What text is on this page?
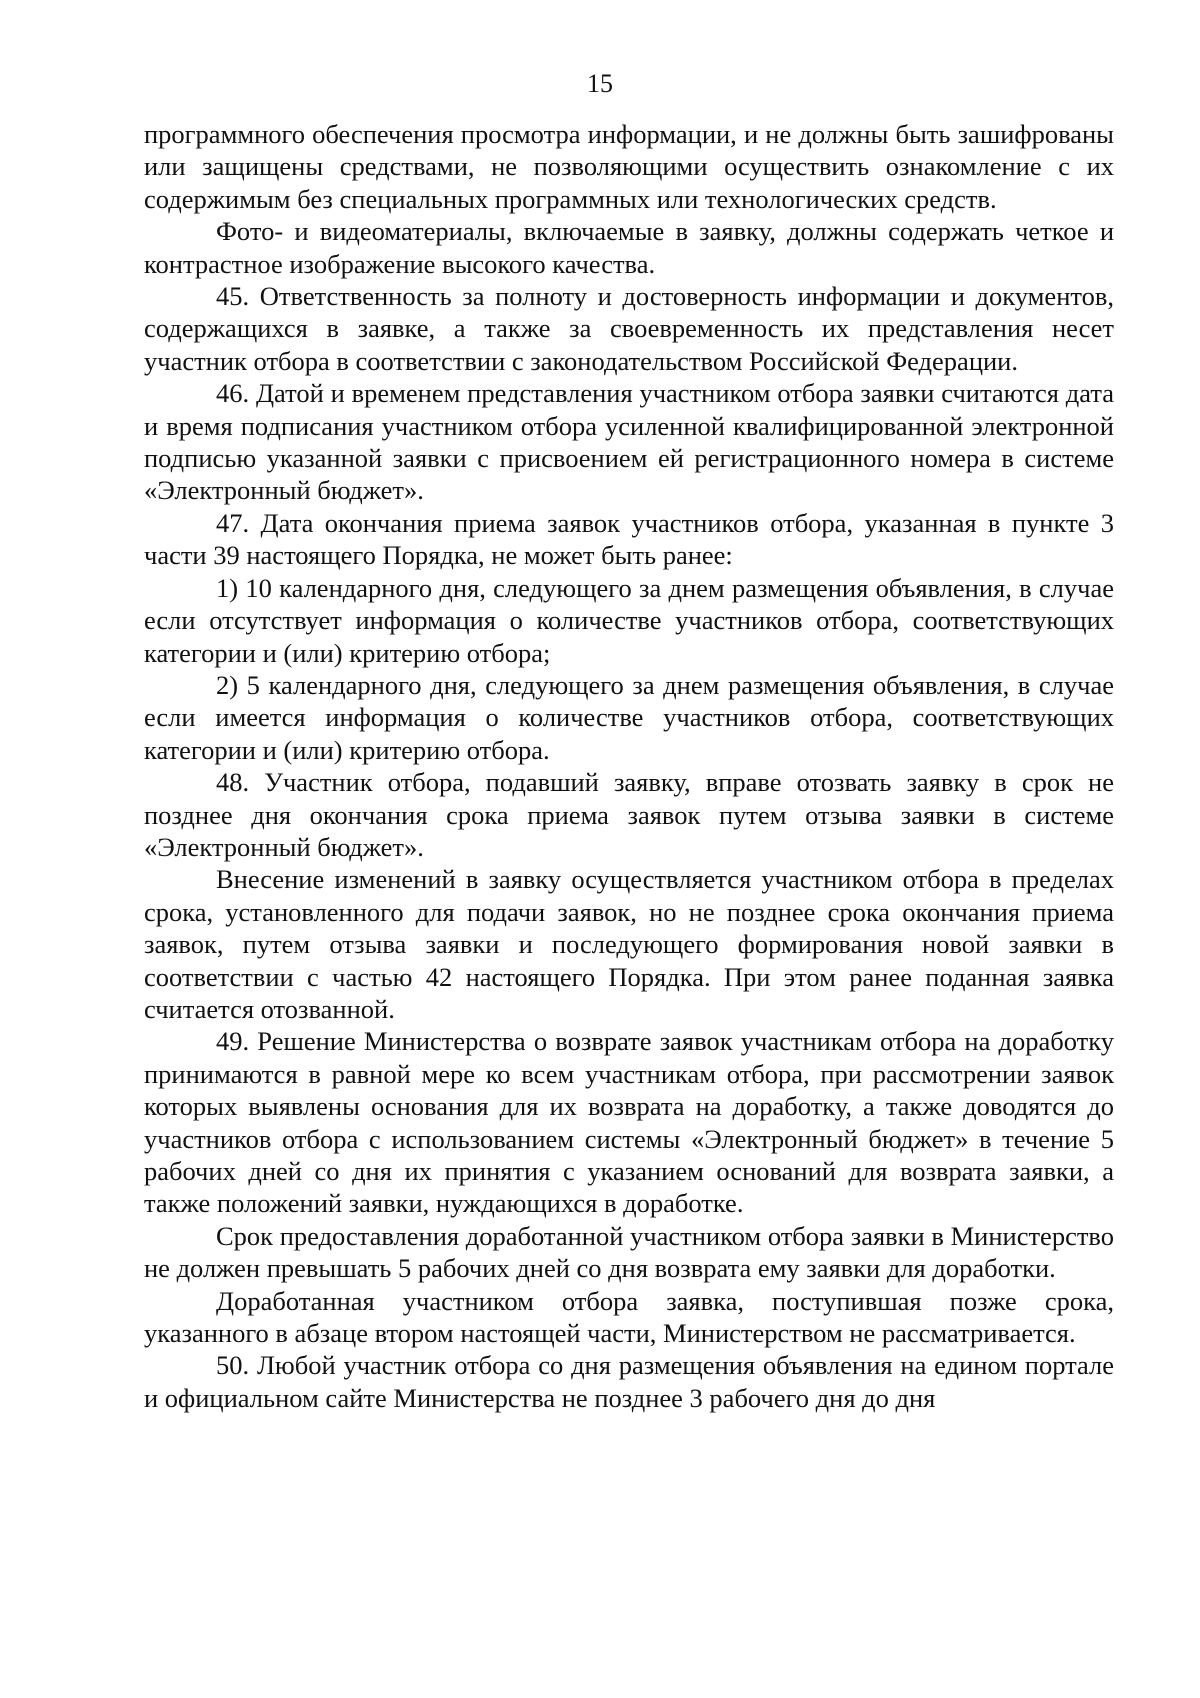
15

программного обеспечения просмотра информации, и не должны быть зашифрованы или защищены средствами, не позволяющими осуществить ознакомление с их содержимым без специальных программных или технологических средств.

Фото- и видеоматериалы, включаемые в заявку, должны содержать четкое и контрастное изображение высокого качества.

45. Ответственность за полноту и достоверность информации и документов, содержащихся в заявке, а также за своевременность их представления несет участник отбора в соответствии с законодательством Российской Федерации.

46. Датой и временем представления участником отбора заявки считаются дата и время подписания участником отбора усиленной квалифицированной электронной подписью указанной заявки с присвоением ей регистрационного номера в системе «Электронный бюджет».

47. Дата окончания приема заявок участников отбора, указанная в пункте 3 части 39 настоящего Порядка, не может быть ранее:

1) 10 календарного дня, следующего за днем размещения объявления, в случае если отсутствует информация о количестве участников отбора, соответствующих категории и (или) критерию отбора;

2) 5 календарного дня, следующего за днем размещения объявления, в случае если имеется информация о количестве участников отбора, соответствующих категории и (или) критерию отбора.

48. Участник отбора, подавший заявку, вправе отозвать заявку в срок не позднее дня окончания срока приема заявок путем отзыва заявки в системе «Электронный бюджет».

Внесение изменений в заявку осуществляется участником отбора в пределах срока, установленного для подачи заявок, но не позднее срока окончания приема заявок, путем отзыва заявки и последующего формирования новой заявки в соответствии с частью 42 настоящего Порядка. При этом ранее поданная заявка считается отозванной.

49. Решение Министерства о возврате заявок участникам отбора на доработку принимаются в равной мере ко всем участникам отбора, при рассмотрении заявок которых выявлены основания для их возврата на доработку, а также доводятся до участников отбора с использованием системы «Электронный бюджет» в течение 5 рабочих дней со дня их принятия с указанием оснований для возврата заявки, а также положений заявки, нуждающихся в доработке.

Срок предоставления доработанной участником отбора заявки в Министерство не должен превышать 5 рабочих дней со дня возврата ему заявки для доработки.

Доработанная участником отбора заявка, поступившая позже срока, указанного в абзаце втором настоящей части, Министерством не рассматривается.

50. Любой участник отбора со дня размещения объявления на едином портале и официальном сайте Министерства не позднее 3 рабочего дня до дня
